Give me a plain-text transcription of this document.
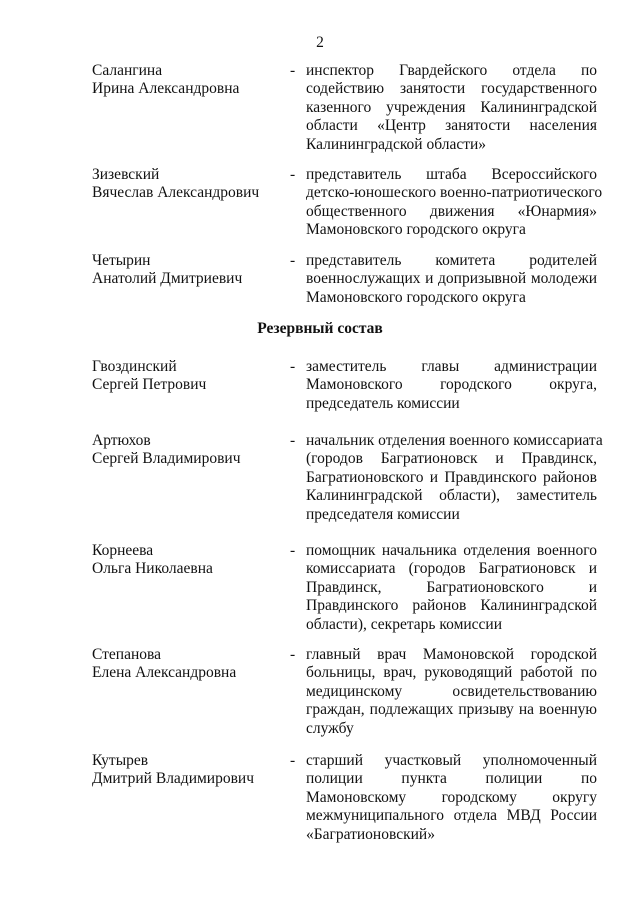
2
Салангина
Ирина Александровна
- инспектор Гвардейского отдела по
содействию занятости государственного
казенного учреждения Калининградской
области «Центр занятости населения
Калининградской области»
Зизевский
Вячеслав Александрович
- представитель штаба Всероссийского
детско-юношеского военно-патриотического
общественного движения «Юнармия»
Мамоновского городского округа
Четырин
Анатолий Дмитриевич
- представитель комитета родителей
военнослужащих и допризывной молодежи
Мамоновского городского округа
Резервный состав
Гвоздинский
Сергей Петрович
- заместитель главы администрации
Мамоновского городского округа,
председатель комиссии
Артюхов
Сергей Владимирович
- начальник отделения военного комиссариата
(городов Багратионовск и Правдинск,
Багратионовского и Правдинского районов
Калининградской области), заместитель
председателя комиссии
Корнеева
Ольга Николаевна
- помощник начальника отделения военного
комиссариата (городов Багратионовск и
Правдинск, Багратионовского и
Правдинского районов Калининградской
области), секретарь комиссии
Степанова
Елена Александровна
- главный врач Мамоновской городской
больницы, врач, руководящий работой по
медицинскому освидетельствованию
граждан, подлежащих призыву на военную
службу
Кутырев
Дмитрий Владимирович
- старший участковый уполномоченный
полиции пункта полиции по
Мамоновскому городскому округу
межмуниципального отдела МВД России
«Багратионовский»
